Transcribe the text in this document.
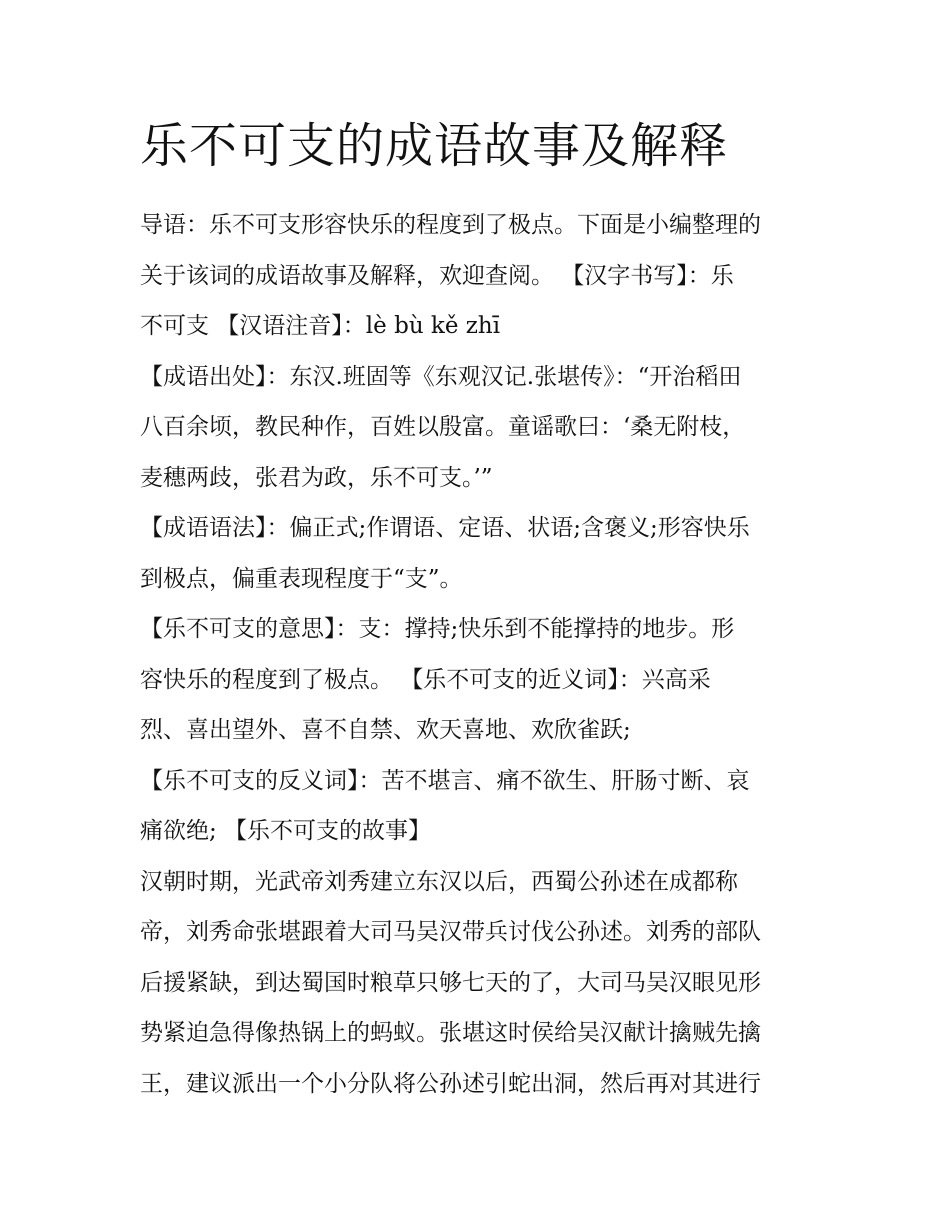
乐不可支的成语故事及解释
导语：乐不可支形容快乐的程度到了极点。下面是小编整理的
关于该词的成语故事及解释，欢迎查阅。 【汉字书写】：乐
不可支 【汉语注音】：lè bù kě zhī
【成语出处】：东汉.班固等《东观汉记.张堪传》：“开治稻田
八百余顷，教民种作，百姓以殷富。童谣歌曰：‘桑无附枝，
麦穗两歧，张君为政，乐不可支。’”
【成语语法】：偏正式;作谓语、定语、状语;含褒义;形容快乐
到极点，偏重表现程度于“支”。
【乐不可支的意思】：支：撑持;快乐到不能撑持的地步。形
容快乐的程度到了极点。 【乐不可支的近义词】：兴高采
烈、喜出望外、喜不自禁、欢天喜地、欢欣雀跃;
【乐不可支的反义词】：苦不堪言、痛不欲生、肝肠寸断、哀
痛欲绝; 【乐不可支的故事】
汉朝时期，光武帝刘秀建立东汉以后，西蜀公孙述在成都称
帝，刘秀命张堪跟着大司马吴汉带兵讨伐公孙述。刘秀的部队
后援紧缺，到达蜀国时粮草只够七天的了，大司马吴汉眼见形
势紧迫急得像热锅上的蚂蚁。张堪这时侯给吴汉献计擒贼先擒
王，建议派出一个小分队将公孙述引蛇出洞，然后再对其进行
